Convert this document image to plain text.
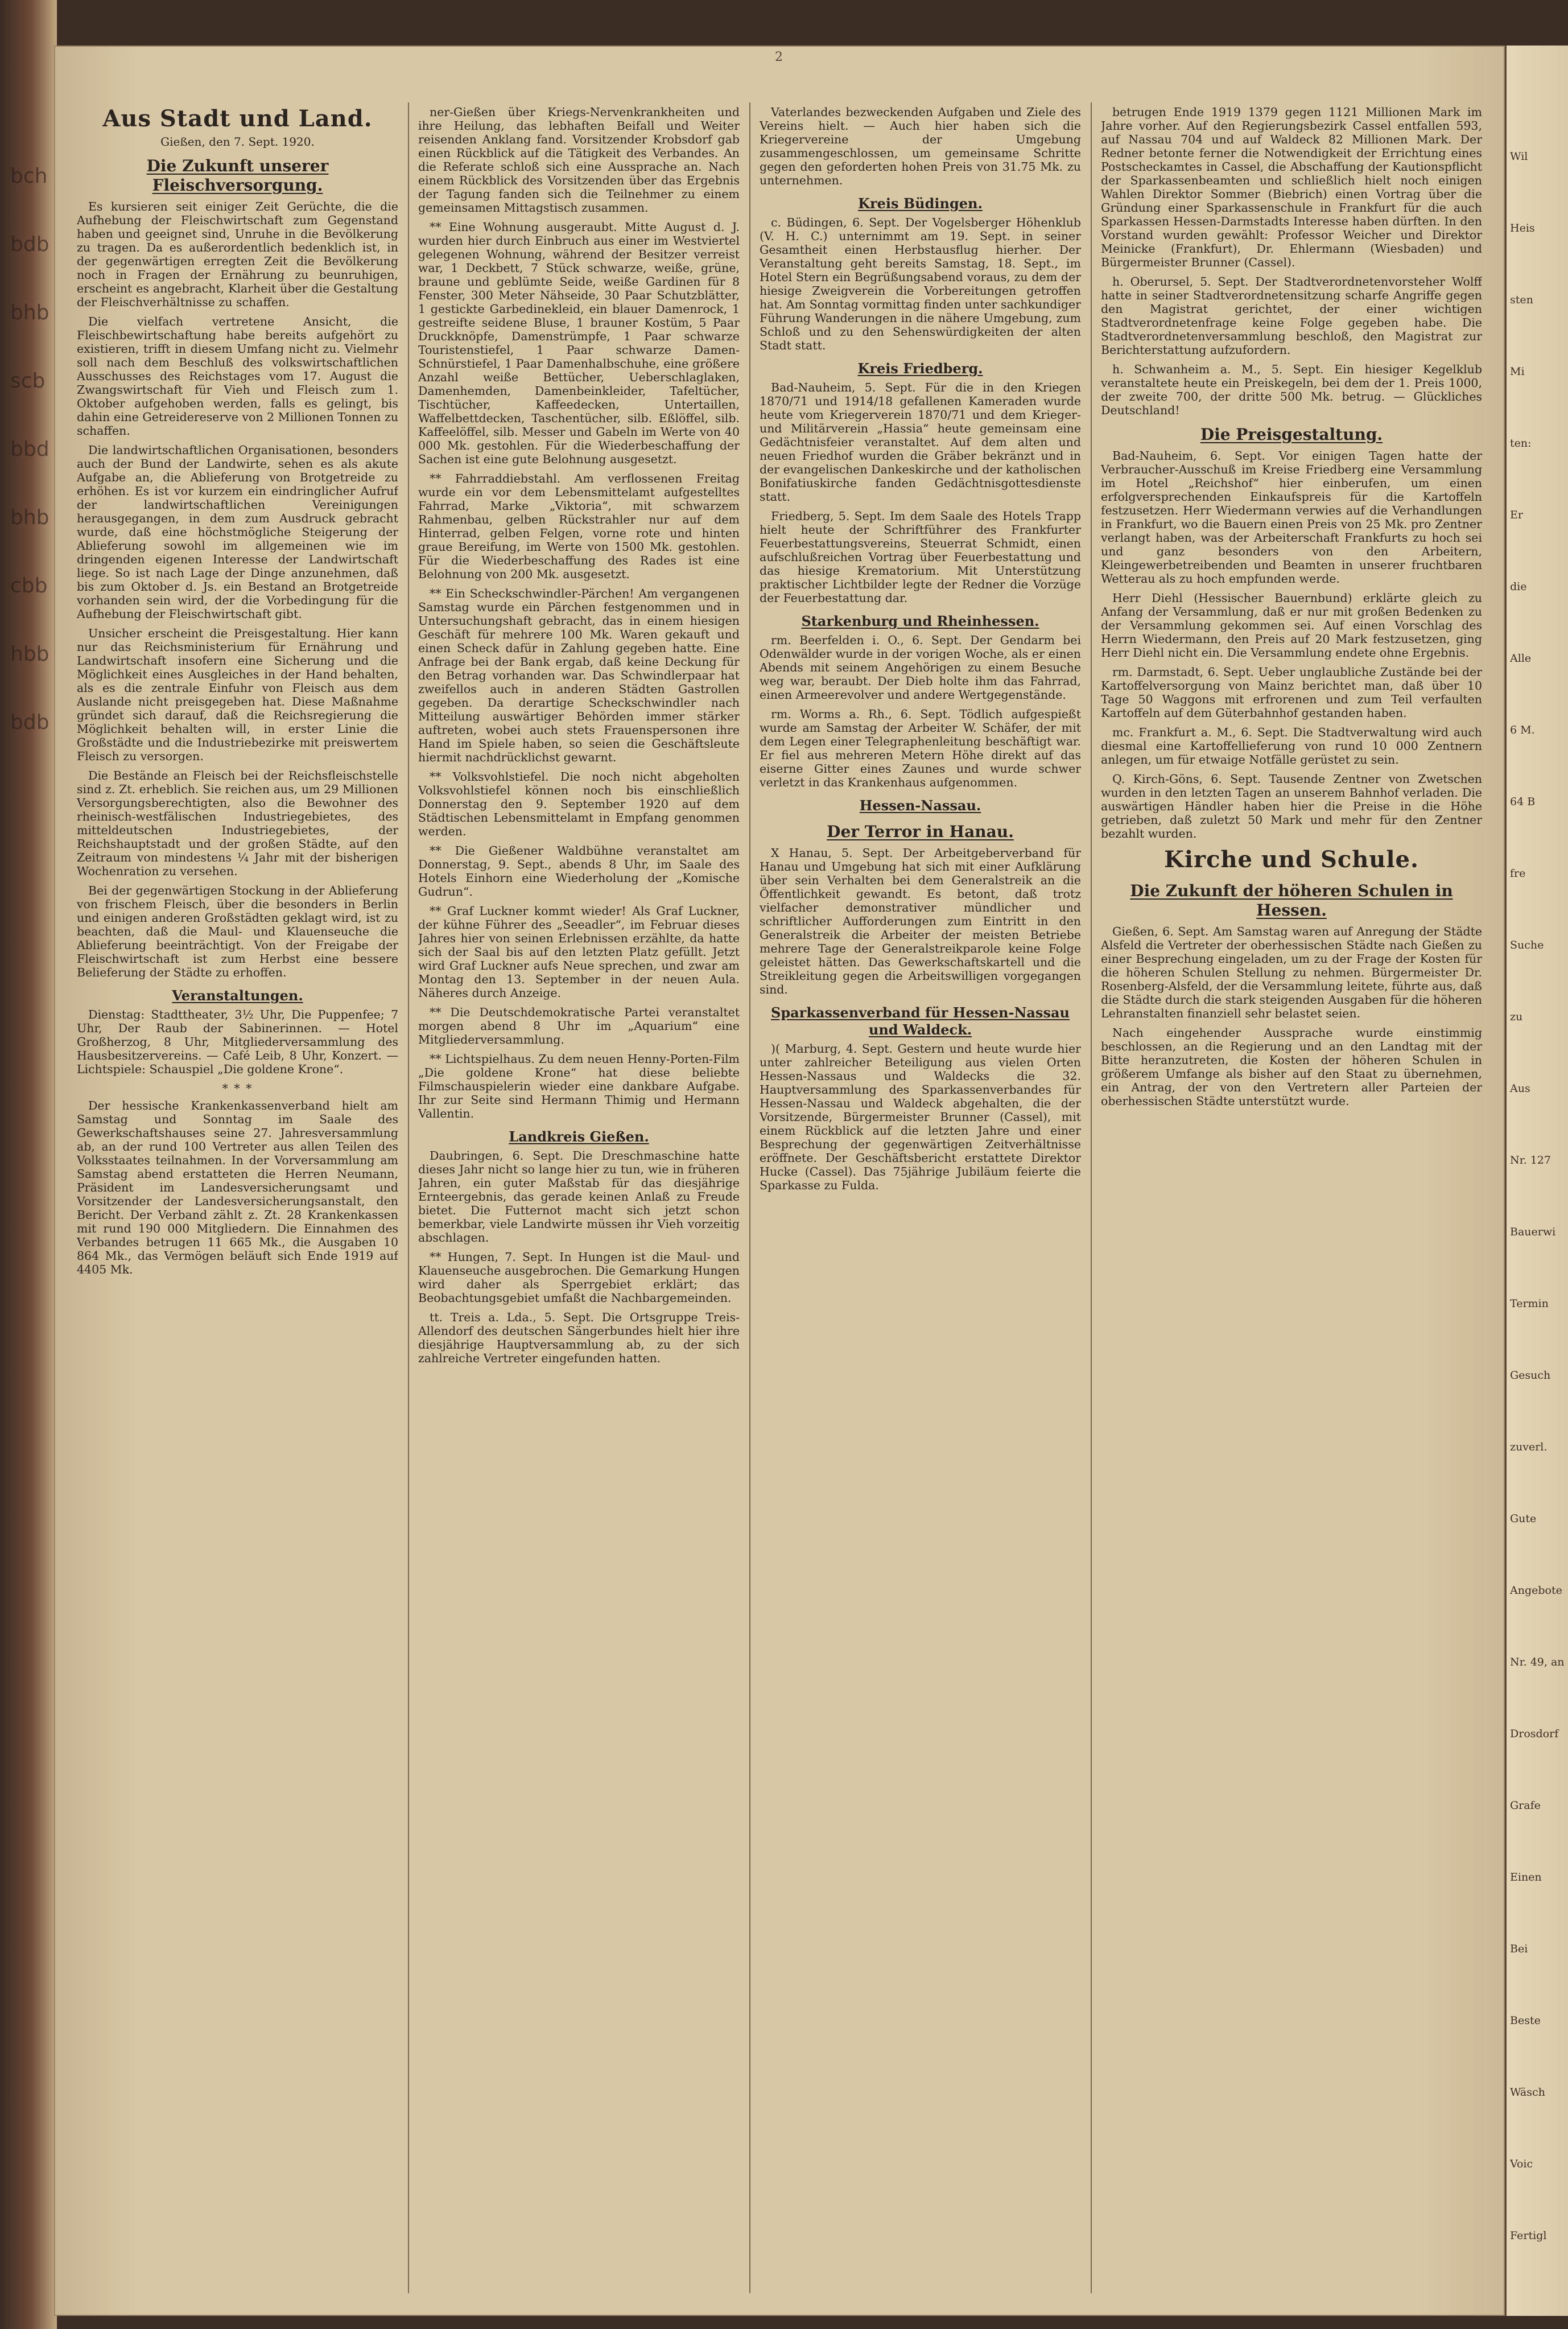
bchbdbbhbscbbbdbhbcbbhbbbdb
2
Aus Stadt und Land.
Gießen, den 7. Sept. 1920.
Die Zukunft unserer Fleischversorgung.

Es kursieren seit einiger Zeit Gerüchte, die die Aufhebung der Fleischwirtschaft zum Gegenstand haben und geeignet sind, Unruhe in die Bevölkerung zu tragen. Da es außerordentlich bedenklich ist, in der gegenwärtigen erregten Zeit die Bevölkerung noch in Fragen der Ernährung zu beunruhigen, erscheint es angebracht, Klarheit über die Gestaltung der Fleischverhältnisse zu schaffen.

Die vielfach vertretene Ansicht, die Fleischbewirtschaftung habe bereits aufgehört zu existieren, trifft in diesem Umfang nicht zu. Vielmehr soll nach dem Beschluß des volkswirtschaftlichen Ausschusses des Reichstages vom 17. August die Zwangswirtschaft für Vieh und Fleisch zum 1. Oktober aufgehoben werden, falls es gelingt, bis dahin eine Getreidereserve von 2 Millionen Tonnen zu schaffen.

Die landwirtschaftlichen Organisationen, besonders auch der Bund der Landwirte, sehen es als akute Aufgabe an, die Ablieferung von Brotgetreide zu erhöhen. Es ist vor kurzem ein eindringlicher Aufruf der landwirtschaftlichen Vereinigungen herausgegangen, in dem zum Ausdruck gebracht wurde, daß eine höchstmögliche Steigerung der Ablieferung sowohl im allgemeinen wie im dringenden eigenen Interesse der Landwirtschaft liege. So ist nach Lage der Dinge anzunehmen, daß bis zum Oktober d. Js. ein Bestand an Brotgetreide vorhanden sein wird, der die Vorbedingung für die Aufhebung der Fleischwirtschaft gibt.

Unsicher erscheint die Preisgestaltung. Hier kann nur das Reichsministerium für Ernährung und Landwirtschaft insofern eine Sicherung und die Möglichkeit eines Ausgleiches in der Hand behalten, als es die zentrale Einfuhr von Fleisch aus dem Auslande nicht preisgegeben hat. Diese Maßnahme gründet sich darauf, daß die Reichsregierung die Möglichkeit behalten will, in erster Linie die Großstädte und die Industriebezirke mit preiswertem Fleisch zu versorgen.

Die Bestände an Fleisch bei der Reichsfleischstelle sind z. Zt. erheblich. Sie reichen aus, um 29 Millionen Versorgungsberechtigten, also die Bewohner des rheinisch-westfälischen Industriegebietes, des mitteldeutschen Industriegebietes, der Reichshauptstadt und der großen Städte, auf den Zeitraum von mindestens ¼ Jahr mit der bisherigen Wochenration zu versehen.

Bei der gegenwärtigen Stockung in der Ablieferung von frischem Fleisch, über die besonders in Berlin und einigen anderen Großstädten geklagt wird, ist zu beachten, daß die Maul- und Klauenseuche die Ablieferung beeinträchtigt. Von der Freigabe der Fleischwirtschaft ist zum Herbst eine bessere Belieferung der Städte zu erhoffen.

Veranstaltungen.

Dienstag: Stadttheater, 3½ Uhr, Die Puppenfee; 7 Uhr, Der Raub der Sabinerinnen. — Hotel Großherzog, 8 Uhr, Mitgliederversammlung des Hausbesitzervereins. — Café Leib, 8 Uhr, Konzert. — Lichtspiele: Schauspiel „Die goldene Krone“.

* * *

Der hessische Krankenkassenverband hielt am Samstag und Sonntag im Saale des Gewerkschaftshauses seine 27. Jahresversammlung ab, an der rund 100 Vertreter aus allen Teilen des Volksstaates teilnahmen. In der Vorversammlung am Samstag abend erstatteten die Herren Neumann, Präsident im Landesversicherungsamt und Vorsitzender der Landesversicherungsanstalt, den Bericht. Der Verband zählt z. Zt. 28 Krankenkassen mit rund 190 000 Mitgliedern. Die Einnahmen des Verbandes betrugen 11 665 Mk., die Ausgaben 10 864 Mk., das Vermögen beläuft sich Ende 1919 auf 4405 Mk.

ner-Gießen über Kriegs-Nervenkrankheiten und ihre Heilung, das lebhaften Beifall und Weiter reisenden Anklang fand. Vorsitzender Krobsdorf gab einen Rückblick auf die Tätigkeit des Verbandes. An die Referate schloß sich eine Aussprache an. Nach einem Rückblick des Vorsitzenden über das Ergebnis der Tagung fanden sich die Teilnehmer zu einem gemeinsamen Mittagstisch zusammen.

** Eine Wohnung ausgeraubt. Mitte August d. J. wurden hier durch Einbruch aus einer im Westviertel gelegenen Wohnung, während der Besitzer verreist war, 1 Deckbett, 7 Stück schwarze, weiße, grüne, braune und geblümte Seide, weiße Gardinen für 8 Fenster, 300 Meter Nähseide, 30 Paar Schutzblätter, 1 gestickte Garbedinekleid, ein blauer Damenrock, 1 gestreifte seidene Bluse, 1 brauner Kostüm, 5 Paar Druckknöpfe, Damenstrümpfe, 1 Paar schwarze Touristenstiefel, 1 Paar schwarze Damen-Schnürstiefel, 1 Paar Damenhalbschuhe, eine größere Anzahl weiße Bettücher, Ueberschlaglaken, Damenhemden, Damenbeinkleider, Tafeltücher, Tischtücher, Kaffeedecken, Untertaillen, Waffelbettdecken, Taschentücher, silb. Eßlöffel, silb. Kaffeelöffel, silb. Messer und Gabeln im Werte von 40 000 Mk. gestohlen. Für die Wiederbeschaffung der Sachen ist eine gute Belohnung ausgesetzt.

** Fahrraddiebstahl. Am verflossenen Freitag wurde ein vor dem Lebensmittelamt aufgestelltes Fahrrad, Marke „Viktoria“, mit schwarzem Rahmenbau, gelben Rückstrahler nur auf dem Hinterrad, gelben Felgen, vorne rote und hinten graue Bereifung, im Werte von 1500 Mk. gestohlen. Für die Wiederbeschaffung des Rades ist eine Belohnung von 200 Mk. ausgesetzt.

** Ein Scheckschwindler-Pärchen! Am vergangenen Samstag wurde ein Pärchen festgenommen und in Untersuchungshaft gebracht, das in einem hiesigen Geschäft für mehrere 100 Mk. Waren gekauft und einen Scheck dafür in Zahlung gegeben hatte. Eine Anfrage bei der Bank ergab, daß keine Deckung für den Betrag vorhanden war. Das Schwindlerpaar hat zweifellos auch in anderen Städten Gastrollen gegeben. Da derartige Scheckschwindler nach Mitteilung auswärtiger Behörden immer stärker auftreten, wobei auch stets Frauenspersonen ihre Hand im Spiele haben, so seien die Geschäftsleute hiermit nachdrücklichst gewarnt.

** Volksvohlstiefel. Die noch nicht abgeholten Volksvohlstiefel können noch bis einschließlich Donnerstag den 9. September 1920 auf dem Städtischen Lebensmittelamt in Empfang genommen werden.

** Die Gießener Waldbühne veranstaltet am Donnerstag, 9. Sept., abends 8 Uhr, im Saale des Hotels Einhorn eine Wiederholung der „Komische Gudrun“.

** Graf Luckner kommt wieder! Als Graf Luckner, der kühne Führer des „Seeadler“, im Februar dieses Jahres hier von seinen Erlebnissen erzählte, da hatte sich der Saal bis auf den letzten Platz gefüllt. Jetzt wird Graf Luckner aufs Neue sprechen, und zwar am Montag den 13. September in der neuen Aula. Näheres durch Anzeige.

** Die Deutschdemokratische Partei veranstaltet morgen abend 8 Uhr im „Aquarium“ eine Mitgliederversammlung.

** Lichtspielhaus. Zu dem neuen Henny-Porten-Film „Die goldene Krone“ hat diese beliebte Filmschauspielerin wieder eine dankbare Aufgabe. Ihr zur Seite sind Hermann Thimig und Hermann Vallentin.

Landkreis Gießen.

Daubringen, 6. Sept. Die Dreschmaschine hatte dieses Jahr nicht so lange hier zu tun, wie in früheren Jahren, ein guter Maßstab für das diesjährige Ernteergebnis, das gerade keinen Anlaß zu Freude bietet. Die Futternot macht sich jetzt schon bemerkbar, viele Landwirte müssen ihr Vieh vorzeitig abschlagen.

** Hungen, 7. Sept. In Hungen ist die Maul- und Klauenseuche ausgebrochen. Die Gemarkung Hungen wird daher als Sperrgebiet erklärt; das Beobachtungsgebiet umfaßt die Nachbargemeinden.

tt. Treis a. Lda., 5. Sept. Die Ortsgruppe Treis-Allendorf des deutschen Sängerbundes hielt hier ihre diesjährige Hauptversammlung ab, zu der sich zahlreiche Vertreter eingefunden hatten.

Vaterlandes bezweckenden Aufgaben und Ziele des Vereins hielt. — Auch hier haben sich die Kriegervereine der Umgebung zusammengeschlossen, um gemeinsame Schritte gegen den geforderten hohen Preis von 31.75 Mk. zu unternehmen.

Kreis Büdingen.

c. Büdingen, 6. Sept. Der Vogelsberger Höhenklub (V. H. C.) unternimmt am 19. Sept. in seiner Gesamtheit einen Herbstausflug hierher. Der Veranstaltung geht bereits Samstag, 18. Sept., im Hotel Stern ein Begrüßungsabend voraus, zu dem der hiesige Zweigverein die Vorbereitungen getroffen hat. Am Sonntag vormittag finden unter sachkundiger Führung Wanderungen in die nähere Umgebung, zum Schloß und zu den Sehenswürdigkeiten der alten Stadt statt.

Kreis Friedberg.

Bad-Nauheim, 5. Sept. Für die in den Kriegen 1870/71 und 1914/18 gefallenen Kameraden wurde heute vom Kriegerverein 1870/71 und dem Krieger- und Militärverein „Hassia“ heute gemeinsam eine Gedächtnisfeier veranstaltet. Auf dem alten und neuen Friedhof wurden die Gräber bekränzt und in der evangelischen Dankeskirche und der katholischen Bonifatiuskirche fanden Gedächtnisgottesdienste statt.

Friedberg, 5. Sept. Im dem Saale des Hotels Trapp hielt heute der Schriftführer des Frankfurter Feuerbestattungsvereins, Steuerrat Schmidt, einen aufschlußreichen Vortrag über Feuerbestattung und das hiesige Krematorium. Mit Unterstützung praktischer Lichtbilder legte der Redner die Vorzüge der Feuerbestattung dar.

Starkenburg und Rheinhessen.

rm. Beerfelden i. O., 6. Sept. Der Gendarm bei Odenwälder wurde in der vorigen Woche, als er einen Abends mit seinem Angehörigen zu einem Besuche weg war, beraubt. Der Dieb holte ihm das Fahrrad, einen Armeerevolver und andere Wertgegenstände.

rm. Worms a. Rh., 6. Sept. Tödlich aufgespießt wurde am Samstag der Arbeiter W. Schäfer, der mit dem Legen einer Telegraphenleitung beschäftigt war. Er fiel aus mehreren Metern Höhe direkt auf das eiserne Gitter eines Zaunes und wurde schwer verletzt in das Krankenhaus aufgenommen.

Hessen-Nassau.
Der Terror in Hanau.

X Hanau, 5. Sept. Der Arbeitgeberverband für Hanau und Umgebung hat sich mit einer Aufklärung über sein Verhalten bei dem Generalstreik an die Öffentlichkeit gewandt. Es betont, daß trotz vielfacher demonstrativer mündlicher und schriftlicher Aufforderungen zum Eintritt in den Generalstreik die Arbeiter der meisten Betriebe mehrere Tage der Generalstreikparole keine Folge geleistet hätten. Das Gewerkschaftskartell und die Streikleitung gegen die Arbeitswilligen vorgegangen sind.

Sparkassenverband für Hessen-Nassau und Waldeck.

)( Marburg, 4. Sept. Gestern und heute wurde hier unter zahlreicher Beteiligung aus vielen Orten Hessen-Nassaus und Waldecks die 32. Hauptversammlung des Sparkassenverbandes für Hessen-Nassau und Waldeck abgehalten, die der Vorsitzende, Bürgermeister Brunner (Cassel), mit einem Rückblick auf die letzten Jahre und einer Besprechung der gegenwärtigen Zeitverhältnisse eröffnete. Der Geschäftsbericht erstattete Direktor Hucke (Cassel). Das 75jährige Jubiläum feierte die Sparkasse zu Fulda.

betrugen Ende 1919 1379 gegen 1121 Millionen Mark im Jahre vorher. Auf den Regierungsbezirk Cassel entfallen 593, auf Nassau 704 und auf Waldeck 82 Millionen Mark. Der Redner betonte ferner die Notwendigkeit der Errichtung eines Postscheckamtes in Cassel, die Abschaffung der Kautionspflicht der Sparkassenbeamten und schließlich hielt noch einigen Wahlen Direktor Sommer (Biebrich) einen Vortrag über die Gründung einer Sparkassenschule in Frankfurt für die auch Sparkassen Hessen-Darmstadts Interesse haben dürften. In den Vorstand wurden gewählt: Professor Weicher und Direktor Meinicke (Frankfurt), Dr. Ehlermann (Wiesbaden) und Bürgermeister Brunner (Cassel).

h. Oberursel, 5. Sept. Der Stadtverordnetenvorsteher Wolff hatte in seiner Stadtverordnetensitzung scharfe Angriffe gegen den Magistrat gerichtet, der einer wichtigen Stadtverordnetenfrage keine Folge gegeben habe. Die Stadtverordnetenversammlung beschloß, den Magistrat zur Berichterstattung aufzufordern.

h. Schwanheim a. M., 5. Sept. Ein hiesiger Kegelklub veranstaltete heute ein Preiskegeln, bei dem der 1. Preis 1000, der zweite 700, der dritte 500 Mk. betrug. — Glückliches Deutschland!

Die Preisgestaltung.

Bad-Nauheim, 6. Sept. Vor einigen Tagen hatte der Verbraucher-Ausschuß im Kreise Friedberg eine Versammlung im Hotel „Reichshof“ hier einberufen, um einen erfolgversprechenden Einkaufspreis für die Kartoffeln festzusetzen. Herr Wiedermann verwies auf die Verhandlungen in Frankfurt, wo die Bauern einen Preis von 25 Mk. pro Zentner verlangt haben, was der Arbeiterschaft Frankfurts zu hoch sei und ganz besonders von den Arbeitern, Kleingewerbetreibenden und Beamten in unserer fruchtbaren Wetterau als zu hoch empfunden werde.

Herr Diehl (Hessischer Bauernbund) erklärte gleich zu Anfang der Versammlung, daß er nur mit großen Bedenken zu der Versammlung gekommen sei. Auf einen Vorschlag des Herrn Wiedermann, den Preis auf 20 Mark festzusetzen, ging Herr Diehl nicht ein. Die Versammlung endete ohne Ergebnis.

rm. Darmstadt, 6. Sept. Ueber unglaubliche Zustände bei der Kartoffelversorgung von Mainz berichtet man, daß über 10 Tage 50 Waggons mit erfrorenen und zum Teil verfaulten Kartoffeln auf dem Güterbahnhof gestanden haben.

mc. Frankfurt a. M., 6. Sept. Die Stadtverwaltung wird auch diesmal eine Kartoffellieferung von rund 10 000 Zentnern anlegen, um für etwaige Notfälle gerüstet zu sein.

Q. Kirch-Göns, 6. Sept. Tausende Zentner von Zwetschen wurden in den letzten Tagen an unserem Bahnhof verladen. Die auswärtigen Händler haben hier die Preise in die Höhe getrieben, daß zuletzt 50 Mark und mehr für den Zentner bezahlt wurden.

Kirche und Schule.
Die Zukunft der höheren Schulen in Hessen.

Gießen, 6. Sept. Am Samstag waren auf Anregung der Städte Alsfeld die Vertreter der oberhessischen Städte nach Gießen zu einer Besprechung eingeladen, um zu der Frage der Kosten für die höheren Schulen Stellung zu nehmen. Bürgermeister Dr. Rosenberg-Alsfeld, der die Versammlung leitete, führte aus, daß die Städte durch die stark steigenden Ausgaben für die höheren Lehranstalten finanziell sehr belastet seien.

Nach eingehender Aussprache wurde einstimmig beschlossen, an die Regierung und an den Landtag mit der Bitte heranzutreten, die Kosten der höheren Schulen in größerem Umfange als bisher auf den Staat zu übernehmen, ein Antrag, der von den Vertretern aller Parteien der oberhessischen Städte unterstützt wurde.

Wil
Heis
sten
Mi
ten:
Er
die
Alle
6 M.
64 B
fre
Suche
zu
Aus
Nr. 127
Bauerwi
Termin
Gesuch
zuverl.
Gute
Angebote
Nr. 49, an
Drosdorf
Grafe
Einen
Bei
Beste
Wäsch
Voic
Fertigl
